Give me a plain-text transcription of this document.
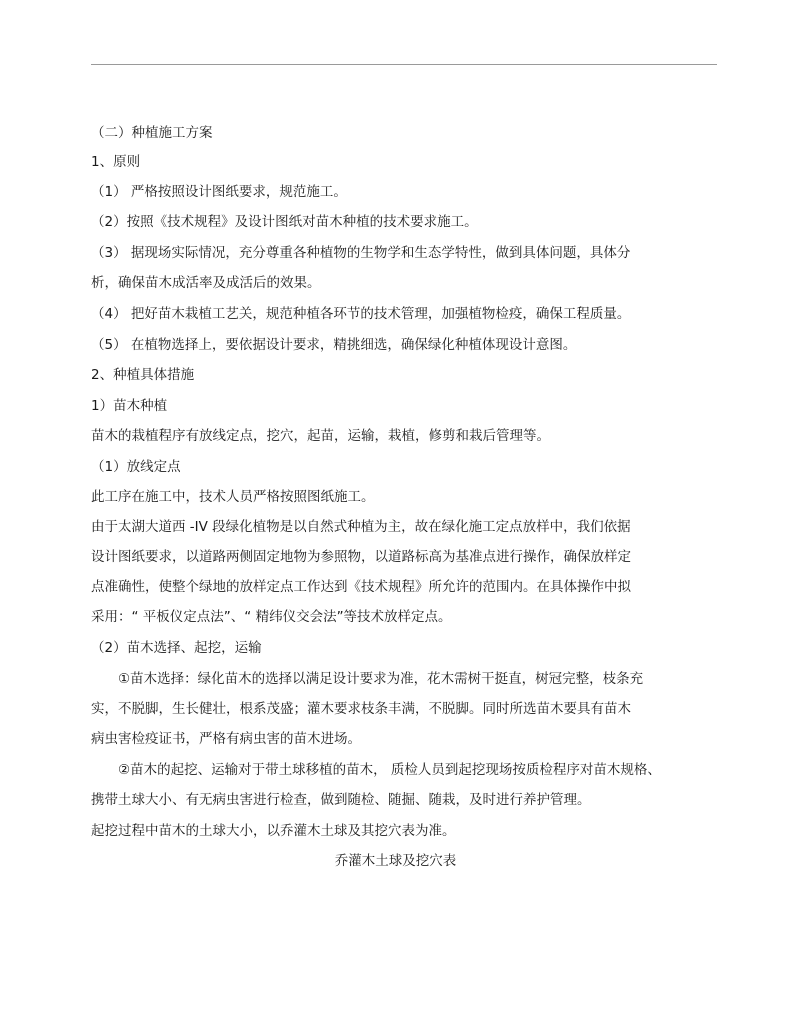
（二）种植施工方案
1、原则
（1） 严格按照设计图纸要求，规范施工。
（2）按照《技术规程》及设计图纸对苗木种植的技术要求施工。
（3） 据现场实际情况，充分尊重各种植物的生物学和生态学特性，做到具体问题，具体分
析，确保苗木成活率及成活后的效果。
（4） 把好苗木栽植工艺关，规范种植各环节的技术管理，加强植物检疫，确保工程质量。
（5） 在植物选择上，要依据设计要求，精挑细选，确保绿化种植体现设计意图。
2、种植具体措施
1）苗木种植
苗木的栽植程序有放线定点，挖穴，起苗，运输，栽植，修剪和栽后管理等。
（1）放线定点
此工序在施工中，技术人员严格按照图纸施工。
由于太湖大道西 -IV 段绿化植物是以自然式种植为主，故在绿化施工定点放样中，我们依据
设计图纸要求，以道路两侧固定地物为参照物，以道路标高为基准点进行操作，确保放样定
点准确性，使整个绿地的放样定点工作达到《技术规程》所允许的范围内。在具体操作中拟
采用：“ 平板仪定点法”、“ 精纬仪交会法”等技术放样定点。
（2）苗木选择、起挖，运输
①苗木选择：绿化苗木的选择以满足设计要求为准，花木需树干挺直，树冠完整，枝条充
实，不脱脚，生长健壮，根系茂盛；灌木要求枝条丰满，不脱脚。同时所选苗木要具有苗木
病虫害检疫证书，严格有病虫害的苗木进场。
②苗木的起挖、运输对于带土球移植的苗木， 质检人员到起挖现场按质检程序对苗木规格、
携带土球大小、有无病虫害进行检查，做到随检、随掘、随栽，及时进行养护管理。
起挖过程中苗木的土球大小，以乔灌木土球及其挖穴表为准。
乔灌木土球及挖穴表
